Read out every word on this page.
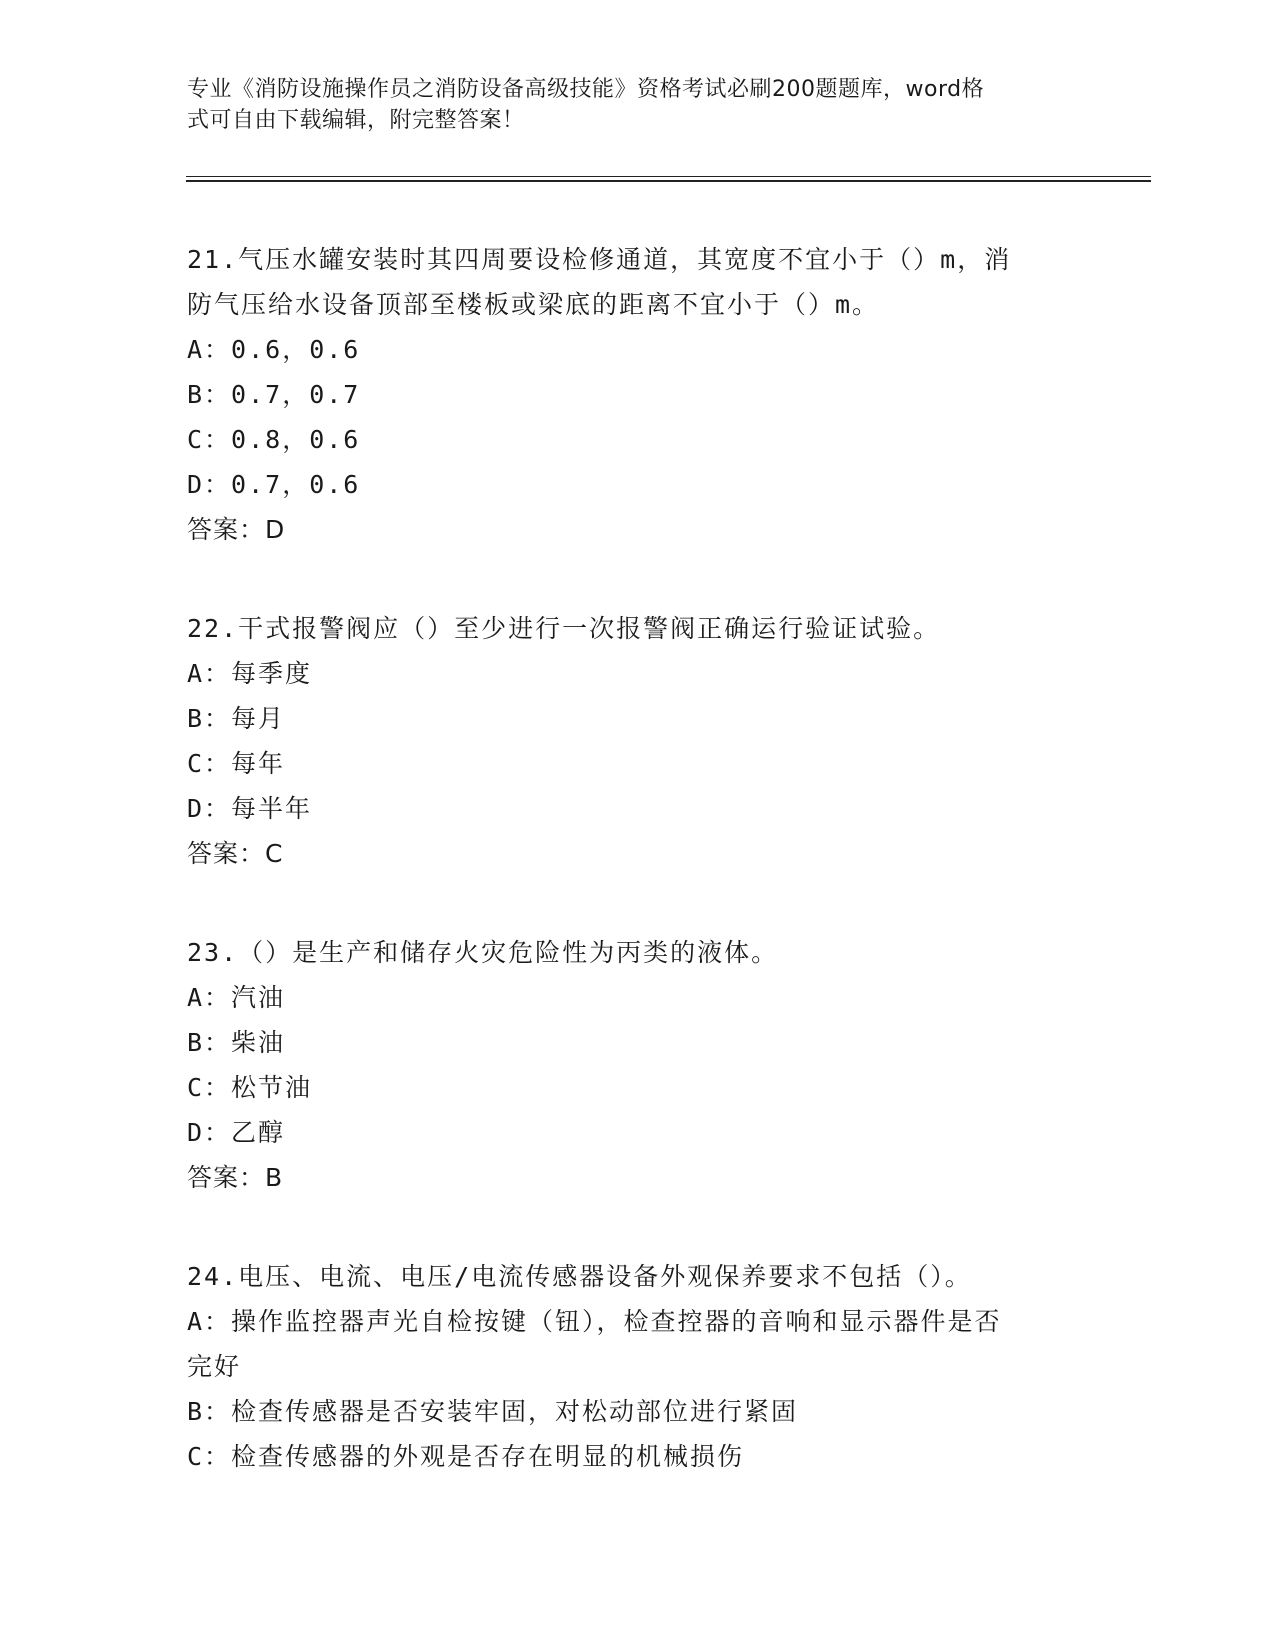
专业《消防设施操作员之消防设备高级技能》资格考试必刷200题题库，word格
式可自由下载编辑，附完整答案！

21.气压水罐安装时其四周要设检修通道，其宽度不宜小于（）m，消

防气压给水设备顶部至楼板或梁底的距离不宜小于（）m。

A：0.6，0.6

B：0.7，0.7

C：0.8，0.6

D：0.7，0.6

答案：D

22.干式报警阀应（）至少进行一次报警阀正确运行验证试验。

A：每季度

B：每月

C：每年

D：每半年

答案：C

23.（）是生产和储存火灾危险性为丙类的液体。

A：汽油

B：柴油

C：松节油

D：乙醇

答案：B

24.电压、电流、电压/电流传感器设备外观保养要求不包括（）。

A：操作监控器声光自检按键（钮），检查控器的音响和显示器件是否

完好

B：检查传感器是否安装牢固，对松动部位进行紧固

C：检查传感器的外观是否存在明显的机械损伤
